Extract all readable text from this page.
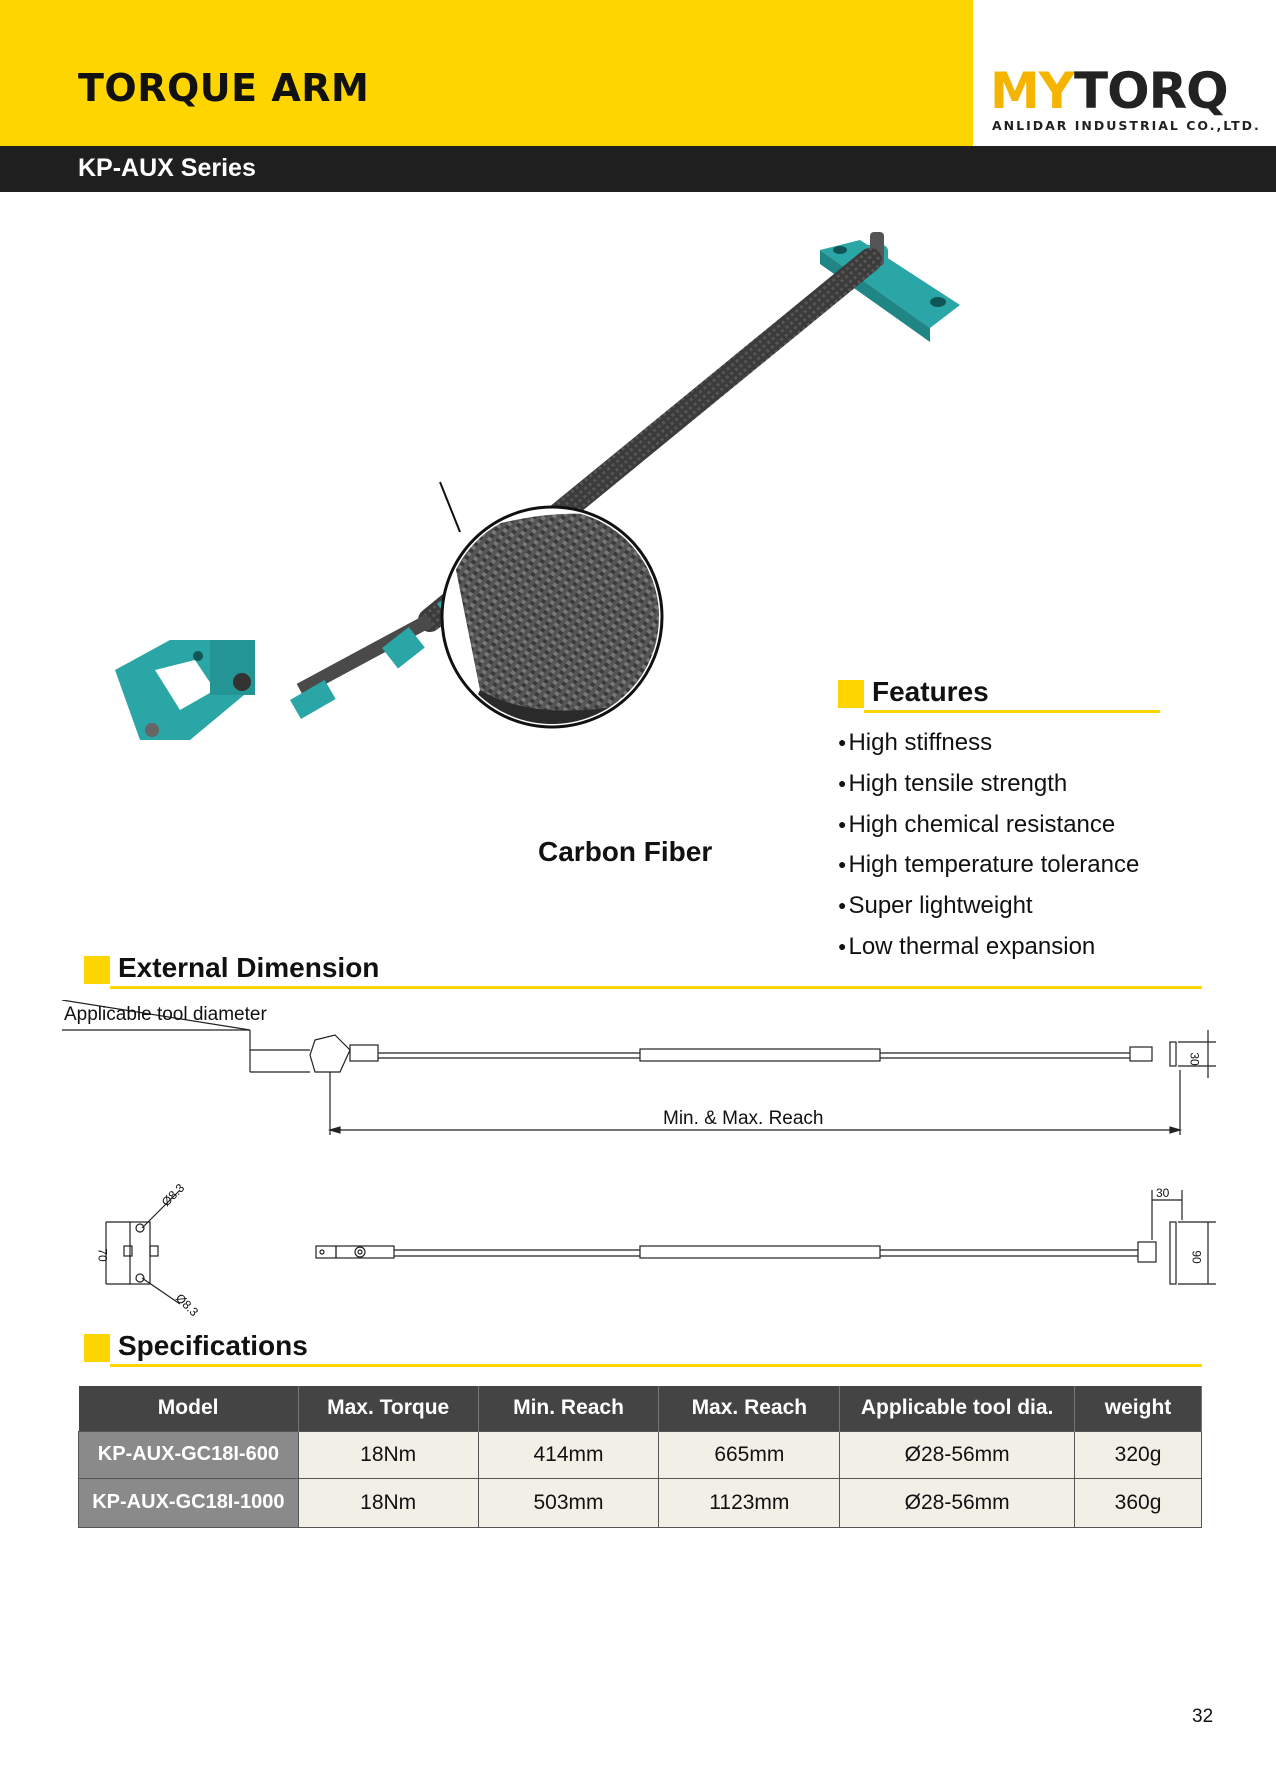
TORQUE ARM	MYTORQ
ANLIDAR INDUSTRIAL CO.,LTD.
KP-AUX Series
Carbon Fiber
Features
● High stiffness
● High tensile strength
● High chemical resistance
● High temperature tolerance
● Super lightweight
● Low thermal expansion
External Dimension
Applicable tool diameter
Min. & Max. Reach
30
30
90
70
Ø8.3
Ø8.3
Specifications
Model	Max. Torque	Min. Reach	Max. Reach	Applicable tool dia.	weight
KP-AUX-GC18I-600	18Nm	414mm	665mm	Ø28-56mm	320g
KP-AUX-GC18I-1000	18Nm	503mm	1123mm	Ø28-56mm	360g
32
